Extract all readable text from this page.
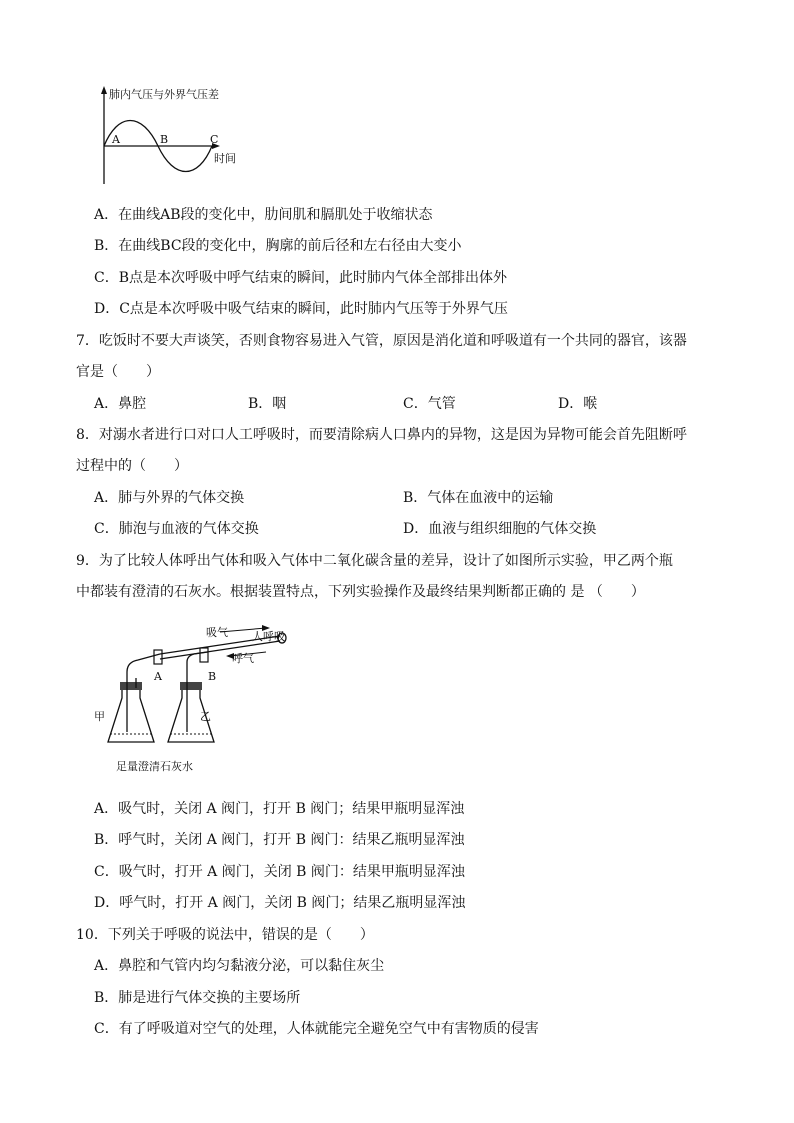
肺内气压与外界气压差
A	B	C
时间
A．在曲线AB段的变化中，肋间肌和膈肌处于收缩状态
B．在曲线BC段的变化中，胸廓的前后径和左右径由大变小
C．B点是本次呼吸中呼气结束的瞬间，此时肺内气体全部排出体外
D．C点是本次呼吸中吸气结束的瞬间，此时肺内气压等于外界气压
7．吃饭时不要大声谈笑，否则食物容易进入气管，原因是消化道和呼吸道有一个共同的器官，该器
官是（　　）
A．鼻腔	B．咽	C．气管	D．喉
8．对溺水者进行口对口人工呼吸时，而要清除病人口鼻内的异物，这是因为异物可能会首先阻断呼
过程中的（　　）
A．肺与外界的气体交换	B．气体在血液中的运输
C．肺泡与血液的气体交换	D．血液与组织细胞的气体交换
9．为了比较人体呼出气体和吸入气体中二氧化碳含量的差异，设计了如图所示实验，甲乙两个瓶
中都装有澄清的石灰水。根据装置特点，下列实验操作及最终结果判断都正确的 是 （　　）
吸气 人呼吸
呼气
A	B
甲	乙
足量澄清石灰水
A．吸气时，关闭 A 阀门，打开 B 阀门；结果甲瓶明显浑浊
B．呼气时，关闭 A 阀门，打开 B 阀门：结果乙瓶明显浑浊
C．吸气时，打开 A 阀门，关闭 B 阀门：结果甲瓶明显浑浊
D．呼气时，打开 A 阀门，关闭 B 阀门；结果乙瓶明显浑浊
10．下列关于呼吸的说法中，错误的是（　　）
A．鼻腔和气管内均匀黏液分泌，可以黏住灰尘
B．肺是进行气体交换的主要场所
C．有了呼吸道对空气的处理，人体就能完全避免空气中有害物质的侵害
